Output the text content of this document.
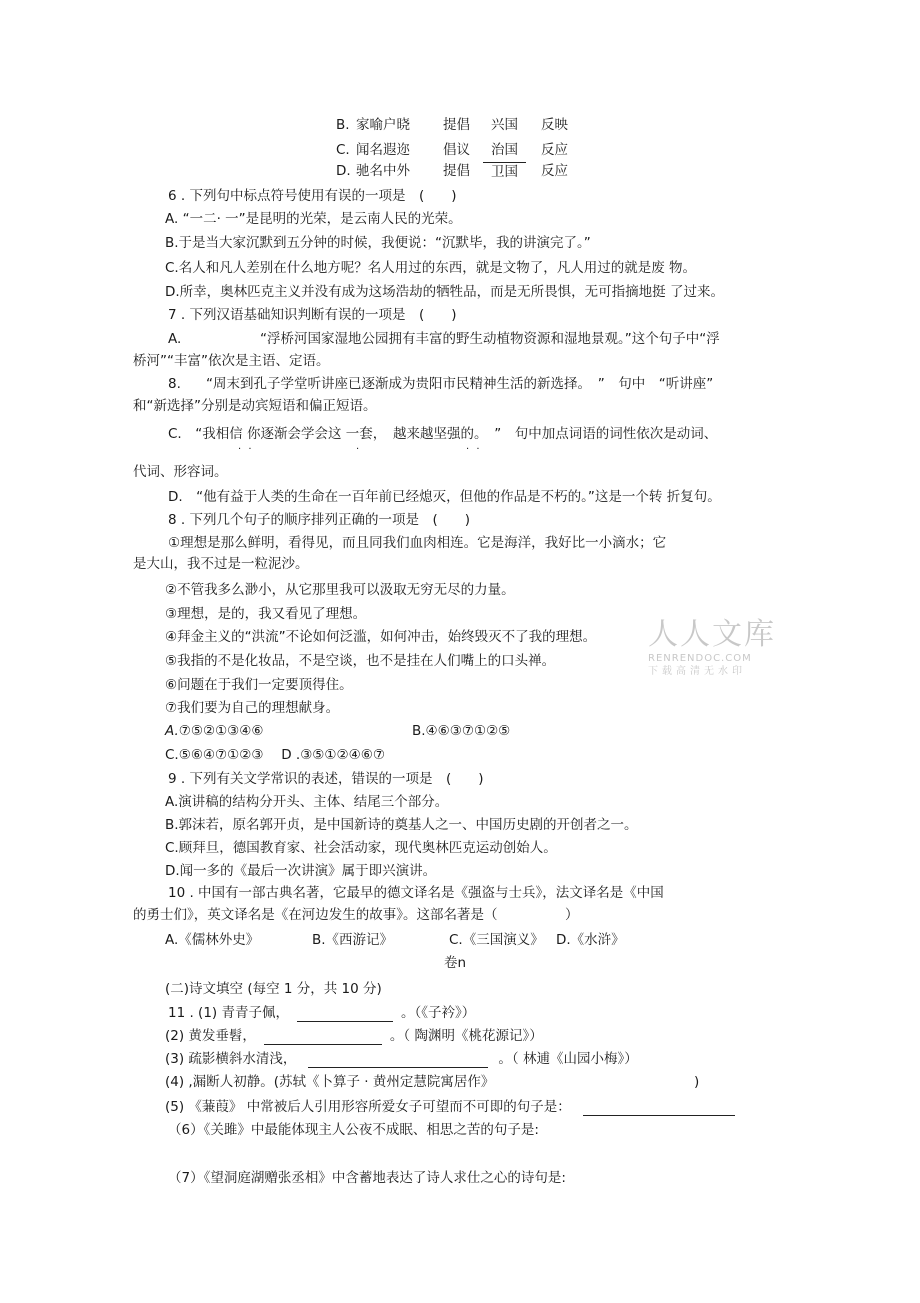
B. 家喻户晓 提倡 兴国 反映
C. 闻名遐迩 倡议 治国 反应
D. 驰名中外 提倡	卫国	反应
6 . 下列句中标点符号使用有误的一项是　(　　)
A. “一二· 一”是昆明的光荣，是云南人民的光荣。
B.于是当大家沉默到五分钟的时候，我便说：“沉默毕，我的讲演完了。”
C.名人和凡人差别在什么地方呢？名人用过的东西，就是文物了，凡人用过的就是废 物。
D.所幸，奥林匹克主义并没有成为这场浩劫的牺牲品，而是无所畏惧，无可指摘地挺 了过来。
7 . 下列汉语基础知识判断有误的一项是　(　　)
A.	“浮桥河国家湿地公园拥有丰富的野生动植物资源和湿地景观。”这个句子中“浮
桥河”“丰富”依次是主语、定语。
8. “周末到孔子学堂听讲座已逐渐成为贵阳市民精神生活的新选择。　”　句中　“听讲座”
和“新选择”分别是动宾短语和偏正短语。
C.　“我相信 你逐渐会学会这 一套，　越来越坚强的。　”　句中加点词语的词性依次是动词、
· ·	·	· ·
代词、形容词。
D.　“他有益于人类的生命在一百年前已经熄灭，但他的作品是不朽的。”这是一个转 折复句。
8 . 下列几个句子的顺序排列正确的一项是　(　　)
①理想是那么鲜明，看得见，而且同我们血肉相连。它是海洋，我好比一小滴水；它
是大山，我不过是一粒泥沙。
②不管我多么渺小，从它那里我可以汲取无穷无尽的力量。
③理想，是的，我又看见了理想。
④拜金主义的“洪流”不论如何泛滥，如何冲击，始终毁灭不了我的理想。
⑤我指的不是化妆品，不是空谈，也不是挂在人们嘴上的口头禅。
⑥问题在于我们一定要顶得住。
⑦我们要为自己的理想献身。
A.⑦⑤②①③④⑥	B.④⑥③⑦①②⑤
C.⑤⑥④⑦①②③　 D .③⑤①②④⑥⑦
9 . 下列有关文学常识的表述，错误的一项是　(　　)
A.演讲稿的结构分开头、主体、结尾三个部分。
B.郭沫若，原名郭开贞，是中国新诗的奠基人之一、中国历史剧的开创者之一。
C.顾拜旦，德国教育家、社会活动家，现代奥林匹克运动创始人。
D.闻一多的《最后一次讲演》属于即兴演讲。
10 . 中国有一部古典名著，它最早的德文译名是《强盗与士兵》，法文译名是《中国
的勇士们》，英文译名是《在河边发生的故事》。这部名著是（　　　　　）
A.《儒林外史》	B.《西游记》	C.《三国演义》 D.《水浒》
卷n
(二)诗文填空 (每空 1 分，共 10 分)
11 . (1) 青青子佩，	。（《子衿》）
(2) 黄发垂髫，	。（ 陶渊明《桃花源记》）
(3) 疏影横斜水清浅，	。（ 林逋《山园小梅》）
(4) ,漏断人初静。(苏轼《卜算子 · 黄州定慧院寓居作》	)
(5) 《蒹葭》 中常被后人引用形容所爱女子可望而不可即的句子是：
（6）《关雎》中最能体现主人公夜不成眠、相思之苦的句子是:
（7）《望洞庭湖赠张丞相》中含蓄地表达了诗人求仕之心的诗句是:
人人文库
RENRENDOC.COM
下载高清无水印
